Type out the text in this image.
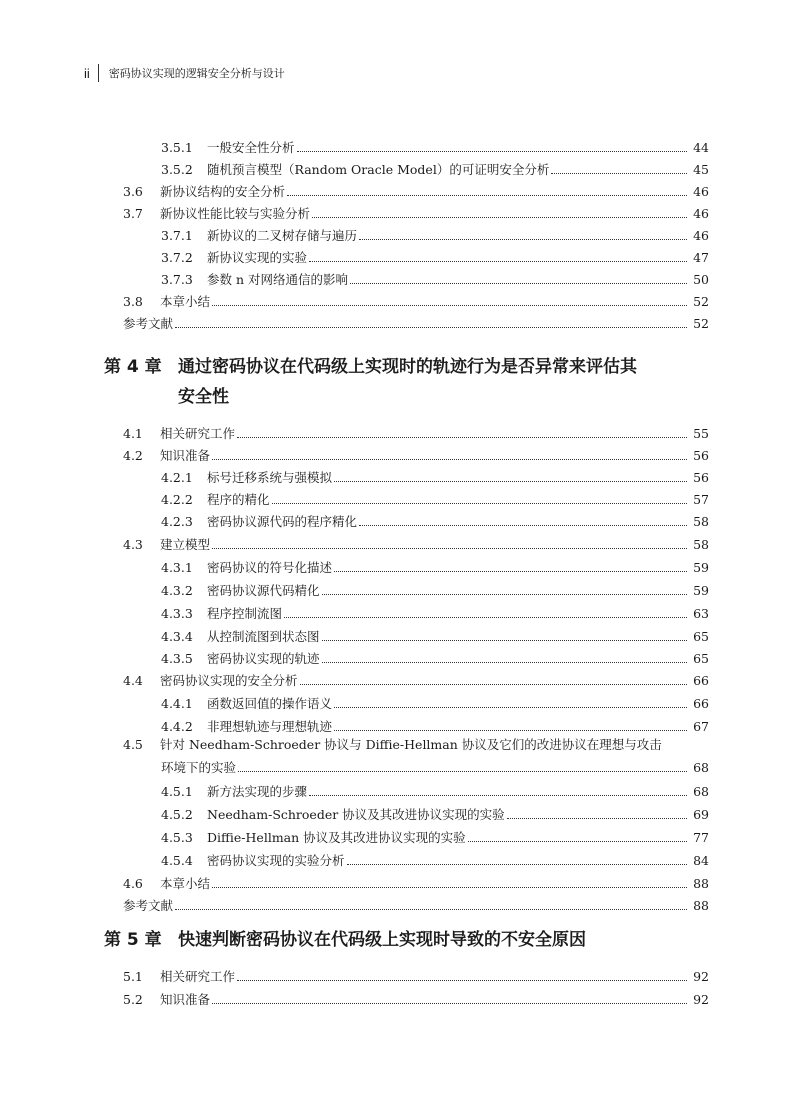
ii 密码协议实现的逻辑安全分析与设计
3.5.1	一般安全性分析	44
3.5.2	随机预言模型（Random Oracle Model）的可证明安全分析	45
3.6	新协议结构的安全分析	46
3.7	新协议性能比较与实验分析	46
3.7.1	新协议的二叉树存储与遍历	46
3.7.2	新协议实现的实验	47
3.7.3	参数 n 对网络通信的影响	50
3.8	本章小结	52
参考文献	52
第 4 章 通过密码协议在代码级上实现时的轨迹行为是否异常来评估其
安全性
4.1	相关研究工作	55
4.2	知识准备	56
4.2.1	标号迁移系统与强模拟	56
4.2.2	程序的精化	57
4.2.3	密码协议源代码的程序精化	58
4.3	建立模型	58
4.3.1	密码协议的符号化描述	59
4.3.2	密码协议源代码精化	59
4.3.3	程序控制流图	63
4.3.4	从控制流图到状态图	65
4.3.5	密码协议实现的轨迹	65
4.4	密码协议实现的安全分析	66
4.4.1	函数返回值的操作语义	66
4.4.2	非理想轨迹与理想轨迹	67
4.5 针对 Needham-Schroeder 协议与 Diffie-Hellman 协议及它们的改进协议在理想与攻击
环境下的实验	68
4.5.1	新方法实现的步骤	68
4.5.2	Needham-Schroeder 协议及其改进协议实现的实验	69
4.5.3	Diffie-Hellman 协议及其改进协议实现的实验	77
4.5.4	密码协议实现的实验分析	84
4.6	本章小结	88
参考文献	88
第 5 章 快速判断密码协议在代码级上实现时导致的不安全原因
5.1	相关研究工作	92
5.2	知识准备	92
